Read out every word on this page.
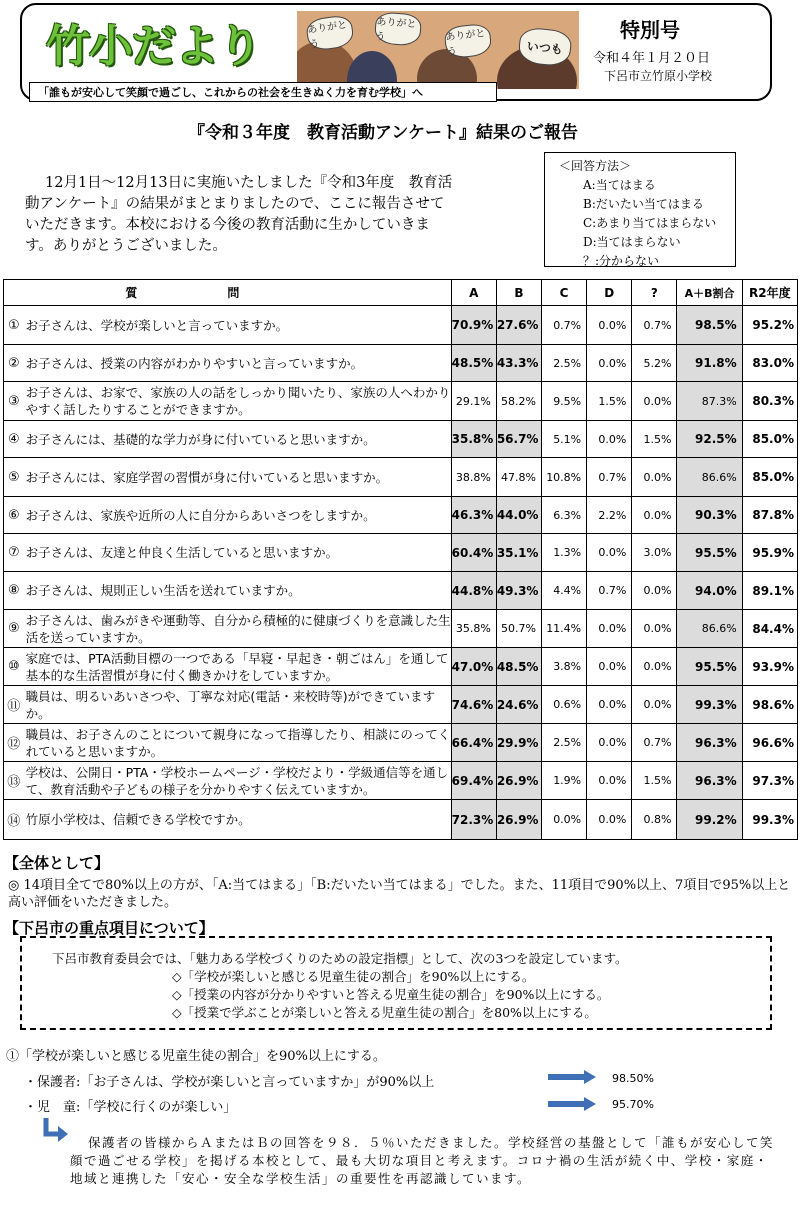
竹小だより	ありがとう
ありがとう	ありがとう	いつも
特別号
令和４年１月２０日
下呂市立竹原小学校
「誰もが安心して笑顔で過ごし、これからの社会を生きぬく力を育む学校」へ
『令和３年度　教育活動アンケート』結果のご報告
12月1日～12月13日に実施いたしました『令和3年度　教育活動アンケート』の結果がまとまりましたので、ここに報告させていただきます。本校における今後の教育活動に生かしていきます。ありがとうございました。
＜回答方法＞
A:当てはまる
B:だいたい当てはまる
C:あまり当てはまらない
D:当てはまらない
？:分からない
質問		A	B	C	D	?	A＋B割合	R2年度
①	お子さんは、学校が楽しいと言っていますか。	70.9%	27.6%	0.7%	0.0%	0.7%	98.5%	95.2%
②	お子さんは、授業の内容がわかりやすいと言っていますか。	48.5%	43.3%	2.5%	0.0%	5.2%	91.8%	83.0%
③	お子さんは、お家で、家族の人の話をしっかり聞いたり、家族の人へわかりやすく話したりすることができますか。	29.1%	58.2%	9.5%	1.5%	0.0%	87.3%	80.3%
④	お子さんには、基礎的な学力が身に付いていると思いますか。	35.8%	56.7%	5.1%	0.0%	1.5%	92.5%	85.0%
⑤	お子さんには、家庭学習の習慣が身に付いていると思いますか。	38.8%	47.8%	10.8%	0.7%	0.0%	86.6%	85.0%
⑥	お子さんは、家族や近所の人に自分からあいさつをしますか。	46.3%	44.0%	6.3%	2.2%	0.0%	90.3%	87.8%
⑦	お子さんは、友達と仲良く生活していると思いますか。	60.4%	35.1%	1.3%	0.0%	3.0%	95.5%	95.9%
⑧	お子さんは、規則正しい生活を送れていますか。	44.8%	49.3%	4.4%	0.7%	0.0%	94.0%	89.1%
⑨	お子さんは、歯みがきや運動等、自分から積極的に健康づくりを意識した生活を送っていますか。	35.8%	50.7%	11.4%	0.0%	0.0%	86.6%	84.4%
⑩	家庭では、PTA活動目標の一つである「早寝・早起き・朝ごはん」を通して基本的な生活習慣が身に付く働きかけをしていますか。	47.0%	48.5%	3.8%	0.0%	0.0%	95.5%	93.9%
⑪	職員は、明るいあいさつや、丁寧な対応(電話・来校時等)ができていますか。	74.6%	24.6%	0.6%	0.0%	0.0%	99.3%	98.6%
⑫	職員は、お子さんのことについて親身になって指導したり、相談にのってくれていると思いますか。	66.4%	29.9%	2.5%	0.0%	0.7%	96.3%	96.6%
⑬	学校は、公開日・PTA・学校ホームページ・学校だより・学級通信等を通して、教育活動や子どもの様子を分かりやすく伝えていますか。	69.4%	26.9%	1.9%	0.0%	1.5%	96.3%	97.3%
⑭	竹原小学校は、信頼できる学校ですか。	72.3%	26.9%	0.0%	0.0%	0.8%	99.2%	99.3%
【全体として】
◎ 14項目全てで80%以上の方が、「A:当てはまる」「B:だいたい当てはまる」でした。また、11項目で90%以上、7項目で95%以上と高い評価をいただきました。
【下呂市の重点項目について】
下呂市教育委員会では、「魅力ある学校づくりのための設定指標」として、次の3つを設定しています。
◇「学校が楽しいと感じる児童生徒の割合」を90%以上にする。
◇「授業の内容が分かりやすいと答える児童生徒の割合」を90%以上にする。
◇「授業で学ぶことが楽しいと答える児童生徒の割合」を80%以上にする。
①「学校が楽しいと感じる児童生徒の割合」を90%以上にする。
・保護者:「お子さんは、学校が楽しいと言っていますか」が90%以上	98.50%
・児　童:「学校に行くのが楽しい」	95.70%
保護者の皆様からＡまたはＢの回答を９８．５％いただきました。学校経営の基盤として「誰もが安心して笑顔で過ごせる学校」を掲げる本校として、最も大切な項目と考えます。コロナ禍の生活が続く中、学校・家庭・地域と連携した「安心・安全な学校生活」の重要性を再認識しています。
